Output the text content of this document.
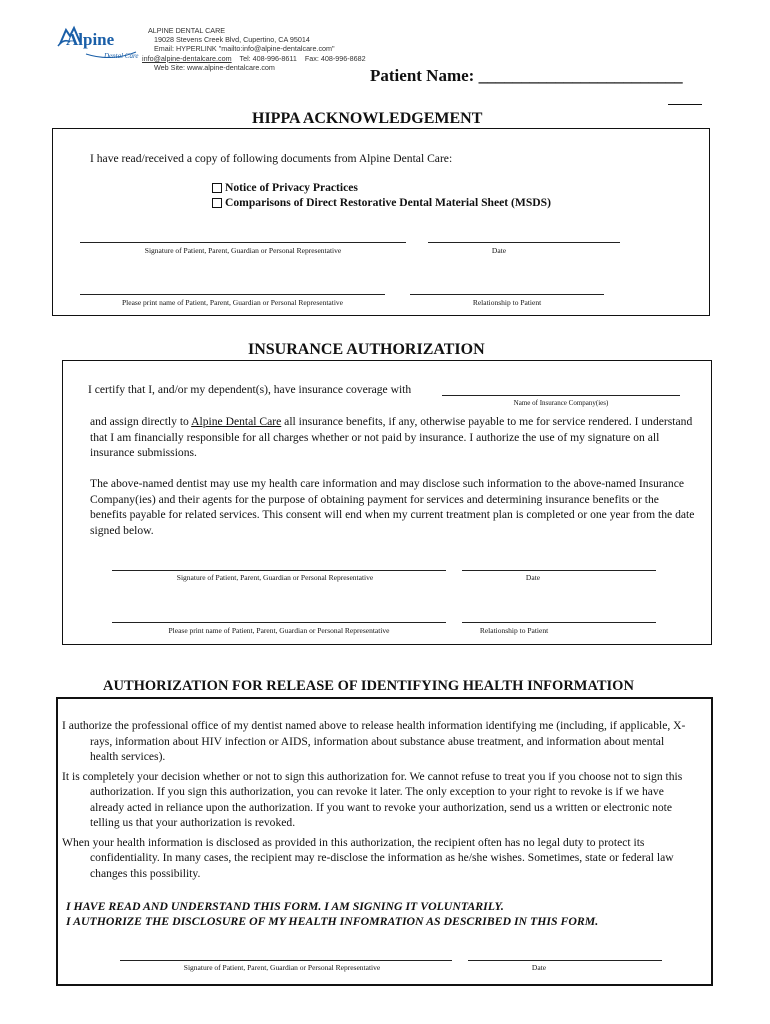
Alpine
Dental Care
ALPINE DENTAL CARE
19028 Stevens Creek Blvd, Cupertino, CA 95014
Email: HYPERLINK "mailto:info@alpine-dentalcare.com"
info@alpine-dentalcare.com Tel: 408-996-8611 Fax: 408-996-8682
Web Site: www.alpine-dentalcare.com	Patient Name: ________________________
HIPPA ACKNOWLEDGEMENT
I have read/received a copy of following documents from Alpine Dental Care:
Notice of Privacy Practices
Comparisons of Direct Restorative Dental Material Sheet (MSDS)
Signature of Patient, Parent, Guardian or Personal Representative	Date
Please print name of Patient, Parent, Guardian or Personal Representative	Relationship to Patient
INSURANCE AUTHORIZATION
I certify that I, and/or my dependent(s), have insurance coverage with
Name of Insurance Company(ies)
and assign directly to Alpine Dental Care all insurance benefits, if any, otherwise payable to me for service rendered. I understand that I am financially responsible for all charges whether or not paid by insurance. I authorize the use of my signature on all insurance submissions.
The above-named dentist may use my health care information and may disclose such information to the above-named Insurance Company(ies) and their agents for the purpose of obtaining payment for services and determining insurance benefits or the benefits payable for related services. This consent will end when my current treatment plan is completed or one year from the date signed below.
Signature of Patient, Parent, Guardian or Personal Representative	Date
Please print name of Patient, Parent, Guardian or Personal Representative	Relationship to Patient
AUTHORIZATION FOR RELEASE OF IDENTIFYING HEALTH INFORMATION

I authorize the professional office of my dentist named above to release health information identifying me (including, if applicable, X-rays, information about HIV infection or AIDS, information about substance abuse treatment, and information about mental health services).

It is completely your decision whether or not to sign this authorization for. We cannot refuse to treat you if you choose not to sign this authorization. If you sign this authorization, you can revoke it later. The only exception to your right to revoke is if we have already acted in reliance upon the authorization. If you want to revoke your authorization, send us a written or electronic note telling us that your authorization is revoked.

When your health information is disclosed as provided in this authorization, the recipient often has no legal duty to protect its confidentiality. In many cases, the recipient may re-disclose the information as he/she wishes. Sometimes, state or federal law changes this possibility.

I HAVE READ AND UNDERSTAND THIS FORM. I AM SIGNING IT VOLUNTARILY.
I AUTHORIZE THE DISCLOSURE OF MY HEALTH INFOMRATION AS DESCRIBED IN THIS FORM.
Signature of Patient, Parent, Guardian or Personal Representative	Date
